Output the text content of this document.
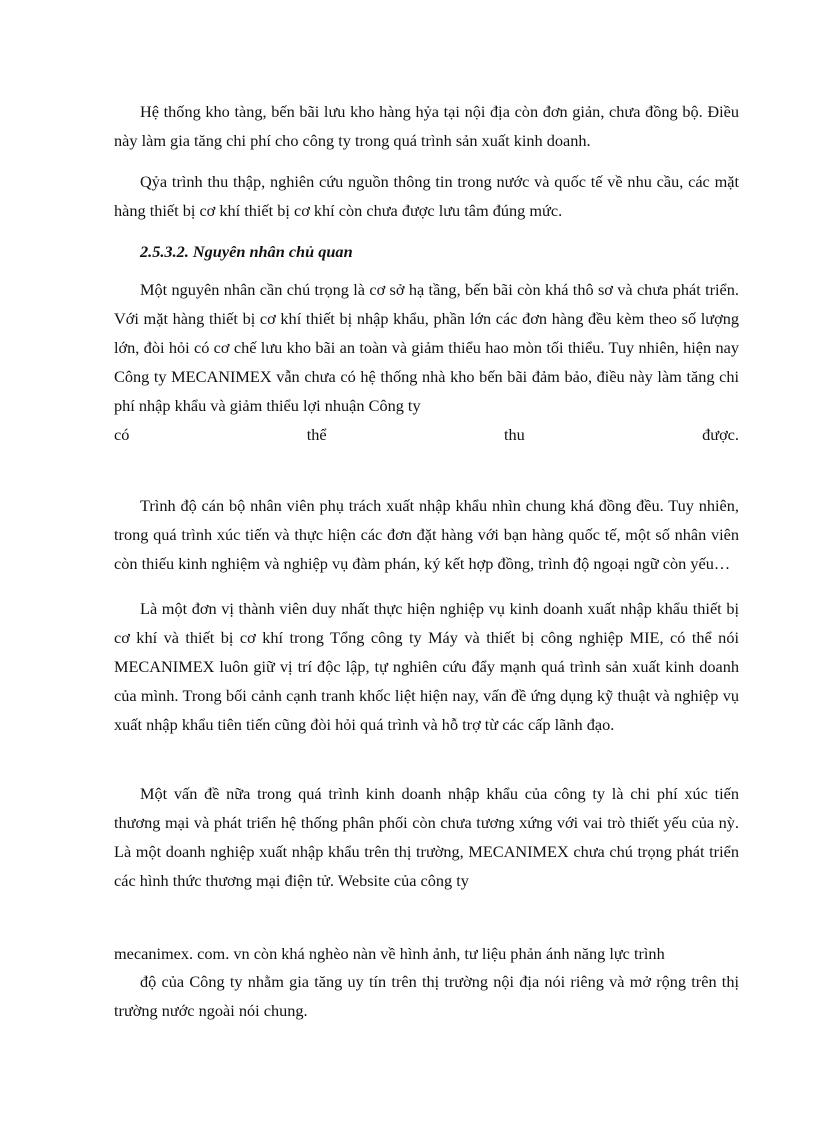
Hệ thống kho tàng, bến bãi lưu kho hàng hỷa tại nội địa còn đơn giản, chưa đồng bộ. Điều này làm gia tăng chi phí cho công ty trong quá trình sản xuất kinh doanh.
Qỷa trình thu thập, nghiên cứu nguồn thông tin trong nước và quốc tế về nhu cầu, các mặt hàng thiết bị cơ khí thiết bị cơ khí còn chưa được lưu tâm đúng mức.
2.5.3.2. Nguyên nhân chủ quan
Một nguyên nhân cần chú trọng là cơ sở hạ tầng, bến bãi còn khá thô sơ và chưa phát triển. Với mặt hàng thiết bị cơ khí thiết bị nhập khẩu, phần lớn các đơn hàng đều kèm theo số lượng lớn, đòi hỏi có cơ chế lưu kho bãi an toàn và giảm thiểu hao mòn tối thiểu. Tuy nhiên, hiện nay Công ty MECANIMEX vẫn chưa có hệ thống nhà kho bến bãi đảm bảo, điều này làm tăng chi phí nhập khẩu và giảm thiểu lợi nhuận Công ty
có	thể	thu	được.
Trình độ cán bộ nhân viên phụ trách xuất nhập khẩu nhìn chung khá đồng đều. Tuy nhiên, trong quá trình xúc tiến và thực hiện các đơn đặt hàng với bạn hàng quốc tế, một số nhân viên còn thiếu kinh nghiệm và nghiệp vụ đàm phán, ký kết hợp đồng, trình độ ngoại ngữ còn yếu…
Là một đơn vị thành viên duy nhất thực hiện nghiệp vụ kinh doanh xuất nhập khẩu thiết bị cơ khí và thiết bị cơ khí trong Tổng công ty Máy và thiết bị công nghiệp MIE, có thể nói MECANIMEX luôn giữ vị trí độc lập, tự nghiên cứu đẩy mạnh quá trình sản xuất kinh doanh của mình. Trong bối cảnh cạnh tranh khốc liệt hiện nay, vấn đề ứng dụng kỹ thuật và nghiệp vụ xuất nhập khẩu tiên tiến cũng đòi hỏi quá trình và hỗ trợ từ các cấp lãnh đạo.
Một vấn đề nữa trong quá trình kinh doanh nhập khẩu của công ty là chi phí xúc tiến thương mại và phát triển hệ thống phân phối còn chưa tương xứng với vai trò thiết yếu của nỳ. Là một doanh nghiệp xuất nhập khẩu trên thị trường, MECANIMEX chưa chú trọng phát triển các hình thức thương mại điện tử. Website của công ty
mecanimex. com. vn còn khá nghèo nàn về hình ảnh, tư liệu phản ánh năng lực trình
độ của Công ty nhằm gia tăng uy tín trên thị trường nội địa nói riêng và mở rộng trên thị trường nước ngoài nói chung.
